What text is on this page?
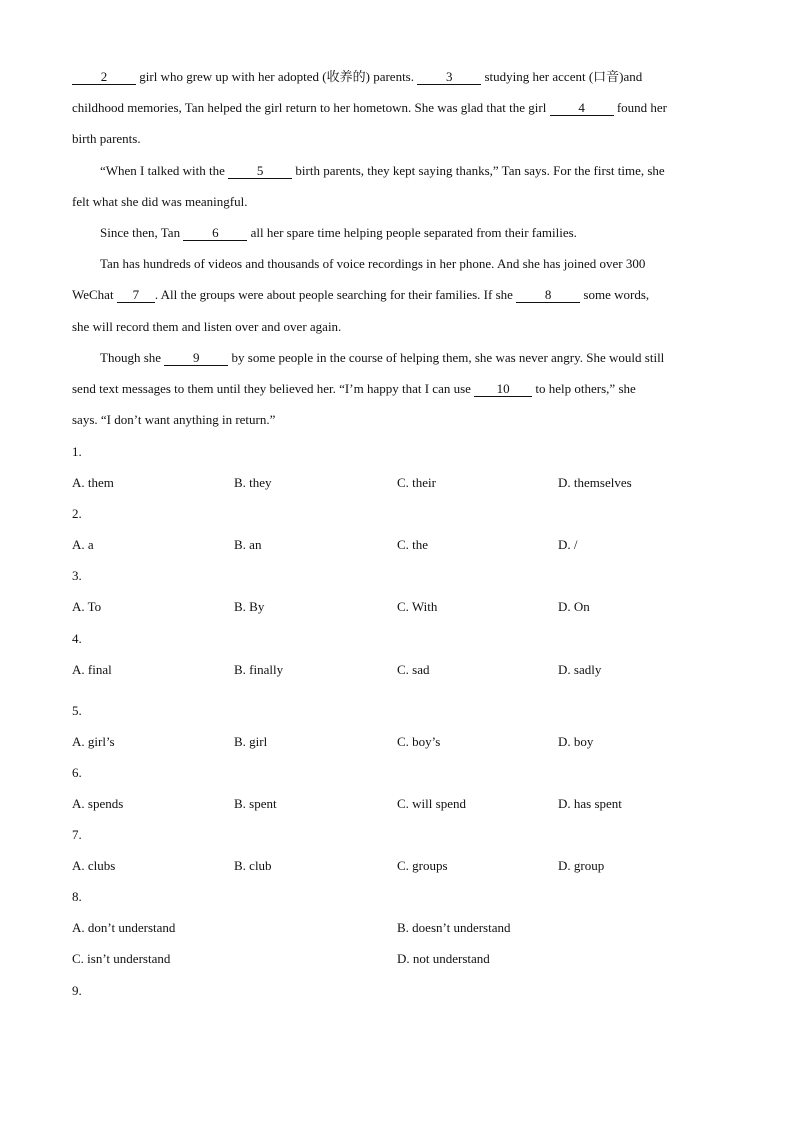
2 girl who grew up with her adopted (收养的) parents. 3 studying her accent (口音)and
childhood memories, Tan helped the girl return to her hometown. She was glad that the girl 4 found her
birth parents.
“When I talked with the 5 birth parents, they kept saying thanks,” Tan says. For the first time, she
felt what she did was meaningful.
Since then, Tan 6 all her spare time helping people separated from their families.
Tan has hundreds of videos and thousands of voice recordings in her phone. And she has joined over 300
WeChat 7 . All the groups were about people searching for their families. If she 8 some words,
she will record them and listen over and over again.
Though she 9 by some people in the course of helping them, she was never angry. She would still
send text messages to them until they believed her. “I’m happy that I can use 10 to help others,” she
says. “I don’t want anything in return.”
1.
A. them	B. they	C. their	D. themselves
2.
A. a	B. an	C. the	D. /
3.
A. To	B. By	C. With	D. On
4.
A. final	B. finally	C. sad	D. sadly
5.
A. girl’s	B. girl	C. boy’s	D. boy
6.
A. spends	B. spent	C. will spend	D. has spent
7.
A. clubs	B. club	C. groups	D. group
8.
A. don’t understand	B. doesn’t understand
C. isn’t understand	D. not understand
9.
